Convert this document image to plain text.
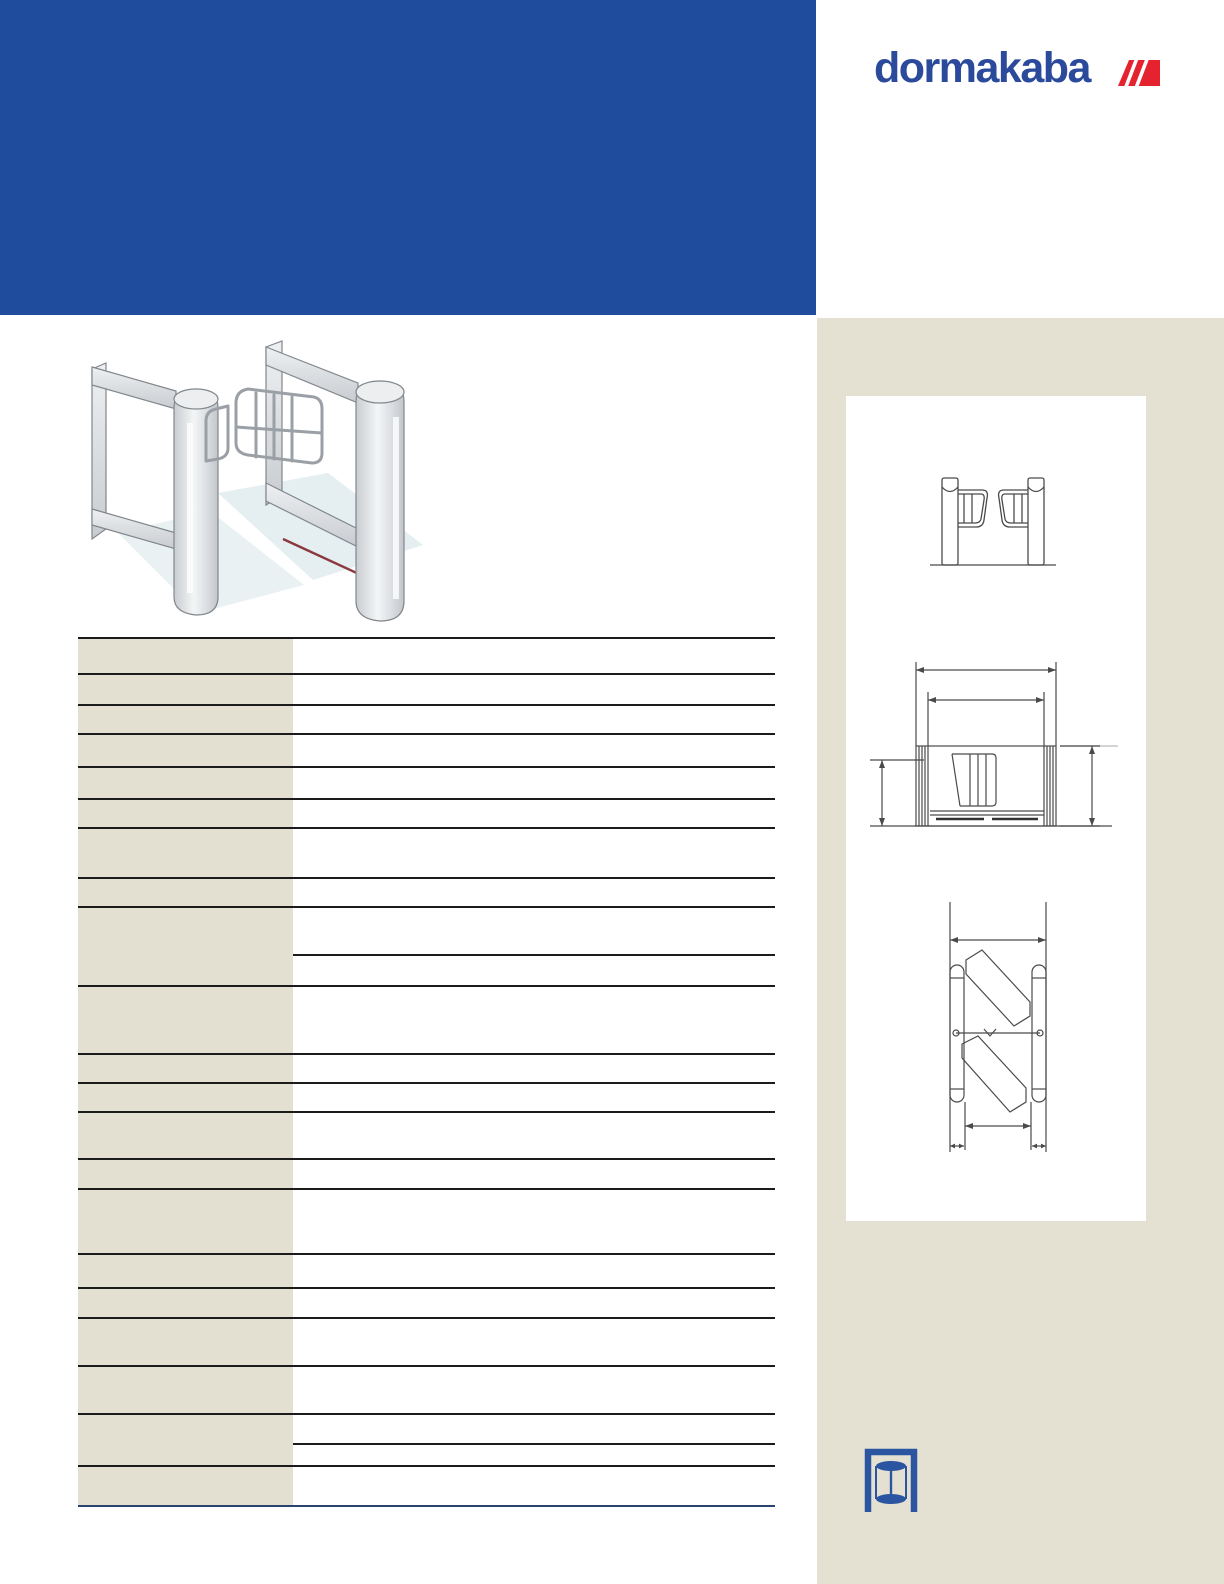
dormakaba
